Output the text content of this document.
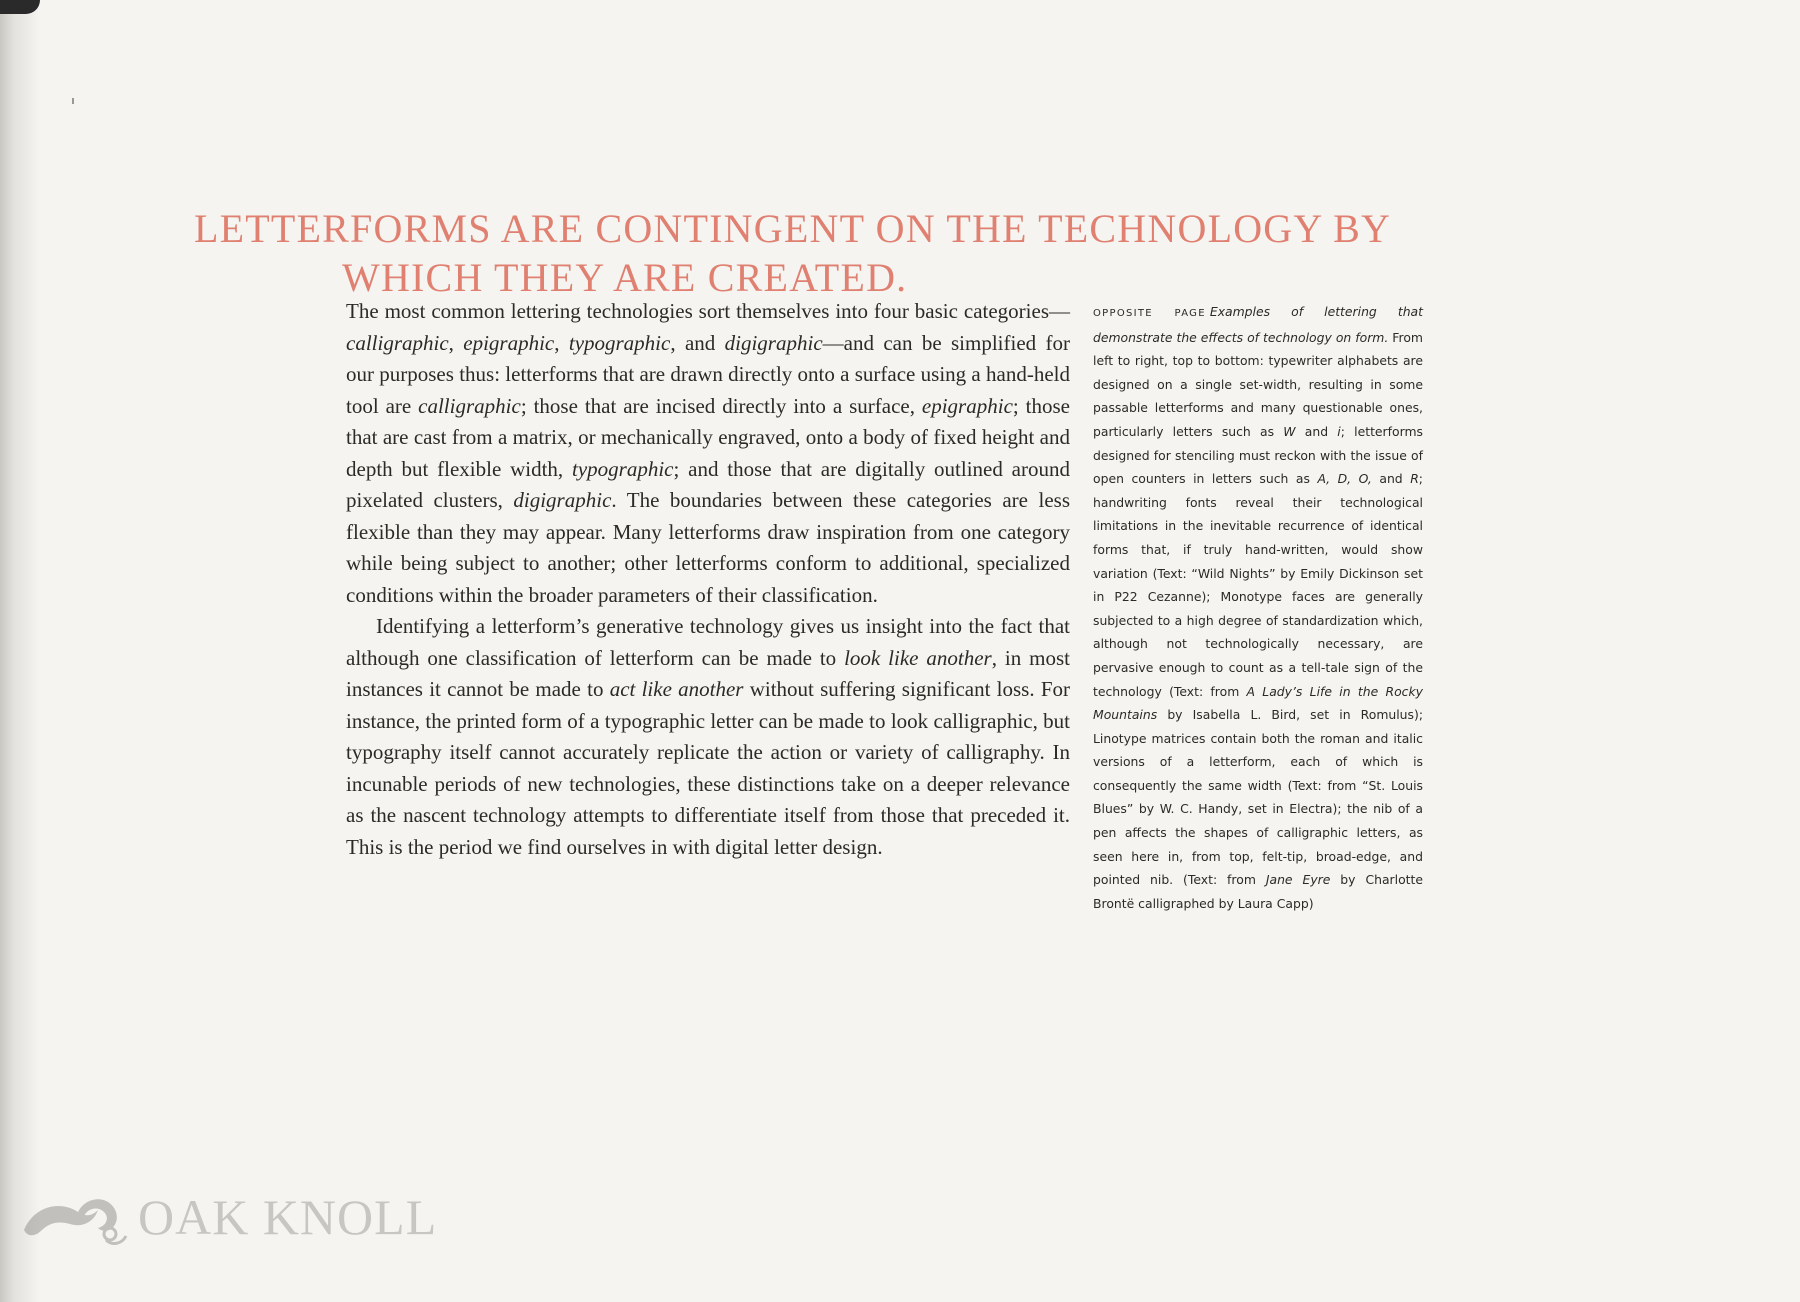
LETTERFORMS ARE CONTINGENT ON THE TECHNOLOGY BY
WHICH THEY ARE CREATED.

The most common lettering technologies sort themselves into four basic categories—calligraphic, epigraphic, typographic, and digigraphic—and can be simplified for our purposes thus: letterforms that are drawn directly onto a surface using a hand-held tool are calligraphic; those that are incised directly into a surface, epigraphic; those that are cast from a matrix, or mechanically engraved, onto a body of fixed height and depth but flexible width, typographic; and those that are digitally outlined around pixelated clusters, digigraphic. The boundaries between these categories are less flexible than they may appear. Many letterforms draw inspiration from one category while being subject to another; other letterforms conform to additional, specialized conditions within the broader parameters of their classification.

Identifying a letterform’s generative technology gives us insight into the fact that although one classification of letterform can be made to look like another, in most instances it cannot be made to act like another without suffering significant loss. For instance, the printed form of a typographic letter can be made to look calligraphic, but typography itself cannot accurately replicate the action or variety of calligraphy. In incunable periods of new technologies, these distinctions take on a deeper relevance as the nascent technology attempts to differentiate itself from those that preceded it. This is the period we find ourselves in with digital letter design.

OPPOSITE PAGE Examples of lettering that demonstrate the effects of technology on form. From left to right, top to bottom: typewriter alphabets are designed on a single set-width, resulting in some passable letterforms and many questionable ones, particularly letters such as W and i; letterforms designed for stenciling must reckon with the issue of open counters in letters such as A, D, O, and R; handwriting fonts reveal their technological limitations in the inevitable recurrence of identical forms that, if truly hand-written, would show variation (Text: “Wild Nights” by Emily Dickinson set in P22 Cezanne); Monotype faces are generally subjected to a high degree of standardization which, although not technologically necessary, are pervasive enough to count as a tell-tale sign of the technology (Text: from A Lady’s Life in the Rocky Mountains by Isabella L. Bird, set in Romulus); Linotype matrices contain both the roman and italic versions of a letterform, each of which is consequently the same width (Text: from “St. Louis Blues” by W. C. Handy, set in Electra); the nib of a pen affects the shapes of calligraphic letters, as seen here in, from top, felt-tip, broad-edge, and pointed nib. (Text: from Jane Eyre by Charlotte Brontë calligraphed by Laura Capp)
OAK KNOLL
